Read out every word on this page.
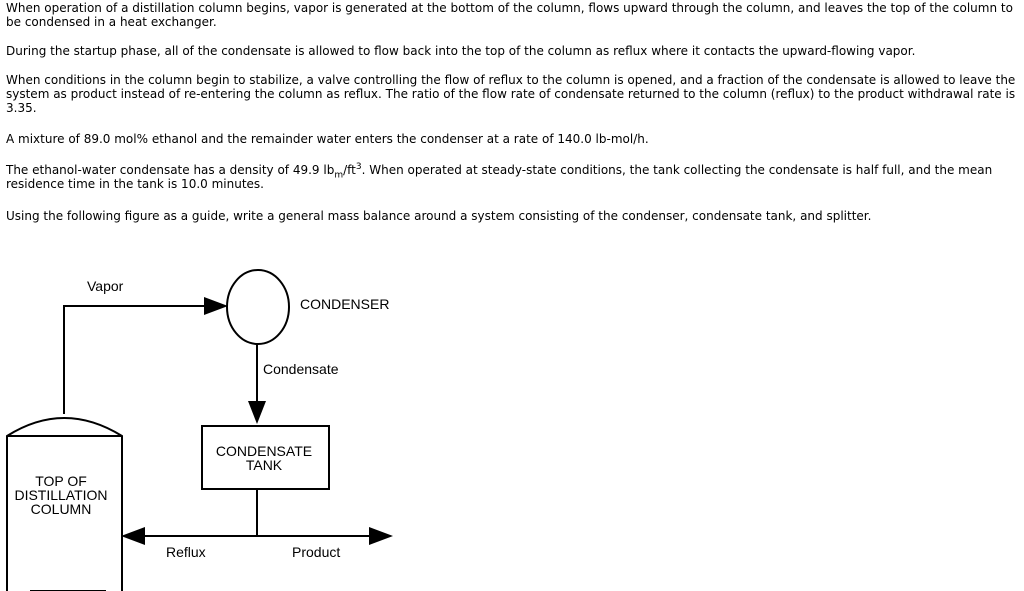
When operation of a distillation column begins, vapor is generated at the bottom of the column, flows upward through the column, and leaves the top of the column to be condensed in a heat exchanger.

During the startup phase, all of the condensate is allowed to flow back into the top of the column as reflux where it contacts the upward-flowing vapor.

When conditions in the column begin to stabilize, a valve controlling the flow of reflux to the column is opened, and a fraction of the condensate is allowed to leave the system as product instead of re-entering the column as reflux. The ratio of the flow rate of condensate returned to the column (reflux) to the product withdrawal rate is 3.35.

A mixture of 89.0 mol% ethanol and the remainder water enters the condenser at a rate of 140.0 lb-mol/h.

The ethanol-water condensate has a density of 49.9 $lb_m/ft^3$. When operated at steady-state conditions, the tank collecting the condensate is half full, and the mean residence time in the tank is 10.0 minutes.

Using the following figure as a guide, write a general mass balance around a system consisting of the condenser, condensate tank, and splitter.

Vapor
CONDENSER
Condensate
CONDENSATE
TANK
TOP OF
DISTILLATION
COLUMN
Reflux	Product
